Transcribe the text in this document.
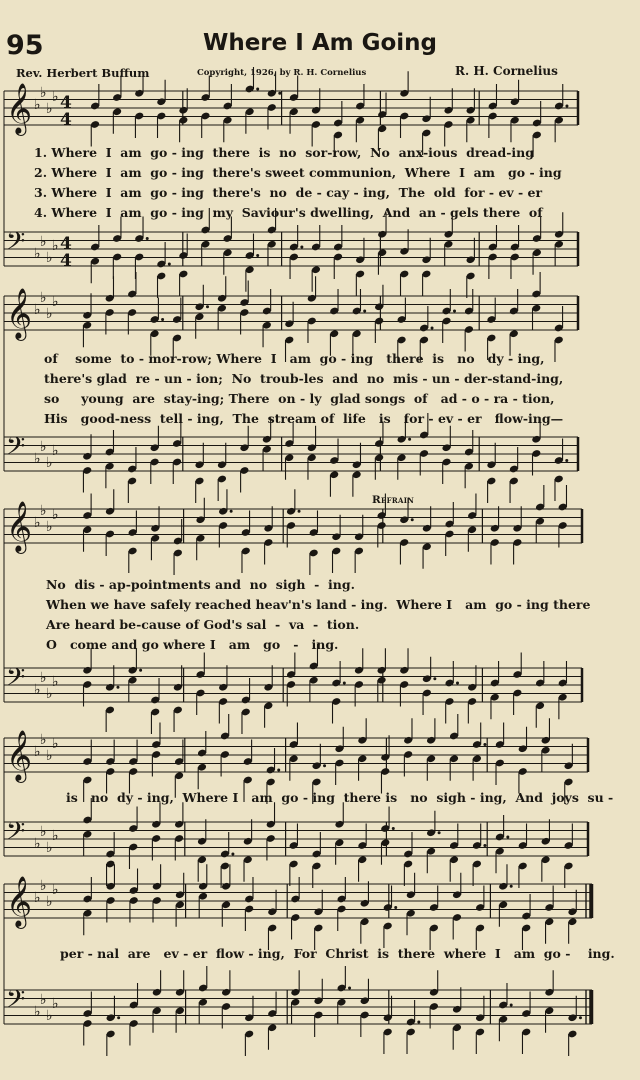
﻿
95	Where I Am Going
Rev. Herbert Buffum	Copyright, 1926, by R. H. Cornelius	R. H. Cornelius
𝄞 ♭
♭
♭
♭ 4
4
𝄢 ♭
♭
♭
♭ 4
4
𝄞 ♭
♭
♭
♭
𝄢 ♭
♭
♭
♭
𝄞 ♭
♭
♭
♭
𝄢 ♭
♭
♭
♭
𝄞 ♭
♭
♭
♭
𝄢 ♭
♭
♭
♭
𝄞 ♭
♭
♭
♭
𝄢 ♭
♭
♭
♭
1. Where  I  am  go - ing  there  is  no  sor-row,  No  anx-ious  dread-ing
2. Where  I  am  go - ing  there's sweet communion,  Where  I  am   go - ing
3. Where  I  am  go - ing  there's  no  de - cay - ing,  The  old  for - ev - er
4. Where  I  am  go - ing  my  Saviour's dwelling,  And  an - gels there  of
of    some  to - mor-row; Where  I   am  go - ing   there  is   no   dy - ing,
there's glad  re - un - ion;  No  troub-les  and  no  mis - un - der-stand-ing,
so     young  are  stay-ing; There  on - ly  glad songs  of   ad - o - ra - tion,
His   good-ness  tell - ing,  The  stream of  life   is   for - ev - er   flow-ing—
Refrain
No  dis - ap-pointments and  no  sigh  -  ing.
When we have safely reached heav'n's land - ing.  Where I   am  go - ing there
Are heard be-cause of God's sal  -  va  -  tion.
O   come and go where I   am   go   -   ing.
is   no  dy - ing,  Where I   am  go - ing  there is   no  sigh - ing,  And  joys  su -
per - nal  are   ev - er  flow - ing,  For  Christ  is  there  where  I   am  go -    ing.
